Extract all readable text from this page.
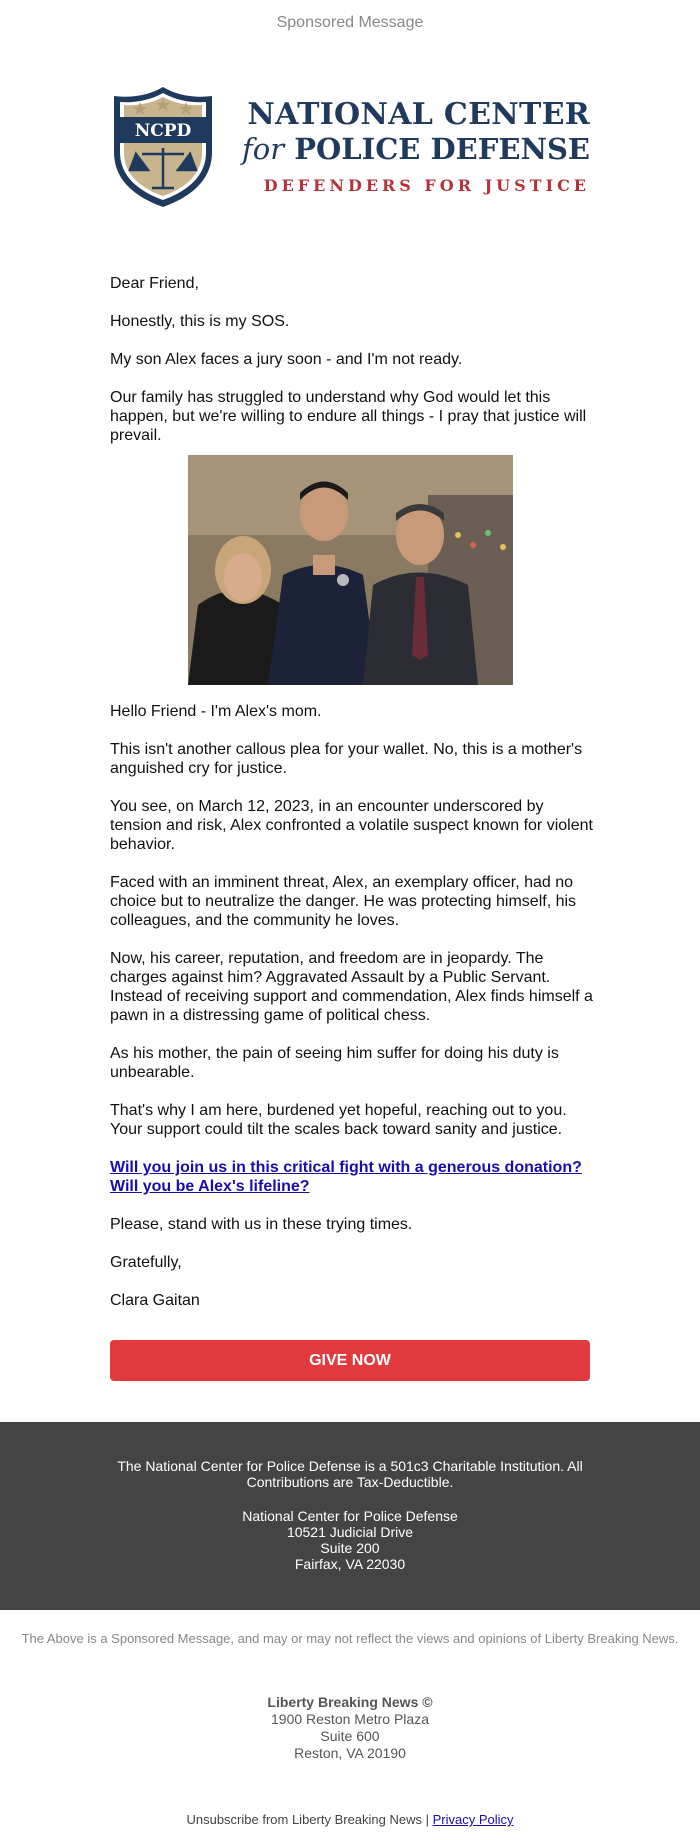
Sponsored Message
NCPD NATIONAL CENTER
for POLICE DEFENSE
DEFENDERS FOR JUSTICE

Dear Friend,

Honestly, this is my SOS.

My son Alex faces a jury soon - and I'm not ready.

Our family has struggled to understand why God would let this happen, but we're willing to endure all things - I pray that justice will prevail.

Hello Friend - I'm Alex's mom.

This isn't another callous plea for your wallet. No, this is a mother's anguished cry for justice.

You see, on March 12, 2023, in an encounter underscored by tension and risk, Alex confronted a volatile suspect known for violent behavior.

Faced with an imminent threat, Alex, an exemplary officer, had no choice but to neutralize the danger. He was protecting himself, his colleagues, and the community he loves.

Now, his career, reputation, and freedom are in jeopardy. The charges against him? Aggravated Assault by a Public Servant. Instead of receiving support and commendation, Alex finds himself a pawn in a distressing game of political chess.

As his mother, the pain of seeing him suffer for doing his duty is unbearable.

That's why I am here, burdened yet hopeful, reaching out to you. Your support could tilt the scales back toward sanity and justice.

Will you join us in this critical fight with a generous donation? Will you be Alex's lifeline?

Please, stand with us in these trying times.

Gratefully,

Clara Gaitan

GIVE NOW
The National Center for Police Defense is a 501c3 Charitable Institution. All Contributions are Tax-Deductible.
National Center for Police Defense
10521 Judicial Drive
Suite 200
Fairfax, VA 22030
The Above is a Sponsored Message, and may or may not reflect the views and opinions of Liberty Breaking News.
Liberty Breaking News ©
1900 Reston Metro Plaza
Suite 600
Reston, VA 20190
Unsubscribe from Liberty Breaking News | Privacy Policy
